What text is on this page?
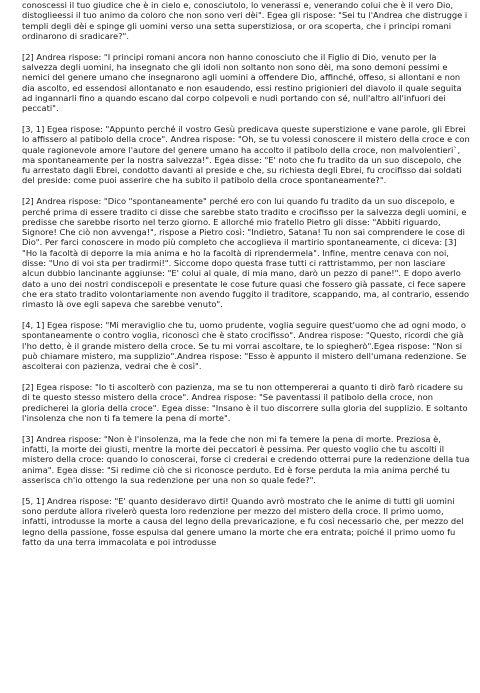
conoscessi il tuo giudice che è in cielo e, conosciutolo, lo venerassi e, venerando colui che è il vero Dio, distoglieessi il tuo animo da coloro che non sono veri dèi". Egea gli rispose: "Sei tu l'Andrea che distrugge i templi degli dèi e spinge gli uomini verso una setta superstiziosa, or ora scoperta, che i principi romani ordinarono di sradicare?".

[2] Andrea rispose: "I principi romani ancora non hanno conosciuto che il Figlio di Dio, venuto per la salvezza degli uomini, ha insegnato che gli idoli non soltanto non sono dèi, ma sono demoni pessimi e nemici del genere umano che insegnarono agli uomini a offendere Dio, affinché, offeso, si allontani e non dia ascolto, ed essendosi allontanato e non esaudendo, essi restino prigionieri del diavolo il quale seguita ad ingannarli fino a quando escano dal corpo colpevoli e nudi portando con sé, null'altro all'infuori dei peccati".

[3, 1] Egea rispose: "Appunto perché il vostro Gesù predicava queste superstizione e vane parole, gli Ebrei lo affissero al patibolo della croce". Andrea rispose: "Oh, se tu volessi conoscere il mistero della croce e con quale ragionevole amore l'autore del genere umano ha accolto il patibolo della croce, non malvolentieri`, ma spontaneamente per la nostra salvezza!". Egea disse: "E' noto che fu tradito da un suo discepolo, che fu arrestato dagli Ebrei, condotto davanti al preside e che, su richiesta degli Ebrei, fu crocifisso dai soldati del preside: come puoi asserire che ha subito il patibolo della croce spontaneamente?".

[2] Andrea rispose: "Dico "spontaneamente" perché ero con lui quando fu tradito da un suo discepolo, e perché prima di essere tradito ci disse che sarebbe stato tradito e crocifisso per la salvezza degli uomini, e predisse che sarebbe risorto nel terzo giorno. E allorché mio fratello Pietro gli disse: "Abbiti riguardo, Signore! Che ciò non avvenga!", rispose a Pietro così: "Indietro, Satana! Tu non sai comprendere le cose di Dio". Per farci conoscere in modo più completo che accoglieva il martirio spontaneamente, ci diceva: [3] "Ho la facoltà di deporre la mia anima e ho la facoltà di riprendermela". Infine, mentre cenava con noi, disse: "Uno di voi sta per tradirmi!". Siccome dopo questa frase tutti ci rattristammo, per non lasciare alcun dubbio lancinante aggiunse: "E' colui al quale, di mia mano, darò un pezzo di pane!". E dopo averlo dato a uno dei nostri condiscepoli e presentate le cose future quasi che fossero già passate, ci fece sapere che era stato tradito volontariamente non avendo fuggito il traditore, scappando, ma, al contrario, essendo rimasto là ove egli sapeva che sarebbe venuto".

[4, 1] Egea rispose: "Mi meraviglio che tu, uomo prudente, voglia seguire quest'uomo che ad ogni modo, o spontaneamente o contro voglia, riconosci che è stato crocifisso". Andrea rispose: "Questo, ricordi che già l'ho detto, è il grande mistero della croce. Se tu mi vorrai ascoltare, te lo spiegherò".Egea rispose: "Non si può chiamare mistero, ma supplizio".Andrea rispose: "Esso è appunto il mistero dell'umana redenzione. Se ascolterai con pazienza, vedrai che è così".

[2] Egea rispose: "Io ti ascolterò con pazienza, ma se tu non ottempererai a quanto ti dirò farò ricadere su di te questo stesso mistero della croce". Andrea rispose: "Se paventassi il patibolo della croce, non predicherei la gloria della croce". Egea disse: "Insano è il tuo discorrere sulla gloria del supplizio. E soltanto l'insolenza che non ti fa temere la pena di morte".

[3] Andrea rispose: "Non è l'insolenza, ma la fede che non mi fa temere la pena di morte. Preziosa è, infatti, la morte dei giusti, mentre la morte dei peccatori è pessima. Per questo voglio che tu ascolti il mistero della croce: quando lo conoscerai, forse ci crederai e credendo otterrai pure la redenzione della tua anima". Egea disse: "Si redime ciò che si riconosce perduto. Ed è forse perduta la mia anima perché tu asserisca ch'io ottengo la sua redenzione per una non so quale fede?".

[5, 1] Andrea rispose: "E' quanto desideravo dirti! Quando avrò mostrato che le anime di tutti gli uomini sono perdute allora rivelerò questa loro redenzione per mezzo del mistero della croce. Il primo uomo, infatti, introdusse la morte a causa del legno della prevaricazione, e fu così necessario che, per mezzo del legno della passione, fosse espulsa dal genere umano la morte che era entrata; poiché il primo uomo fu fatto da una terra immacolata e poi introdusse
